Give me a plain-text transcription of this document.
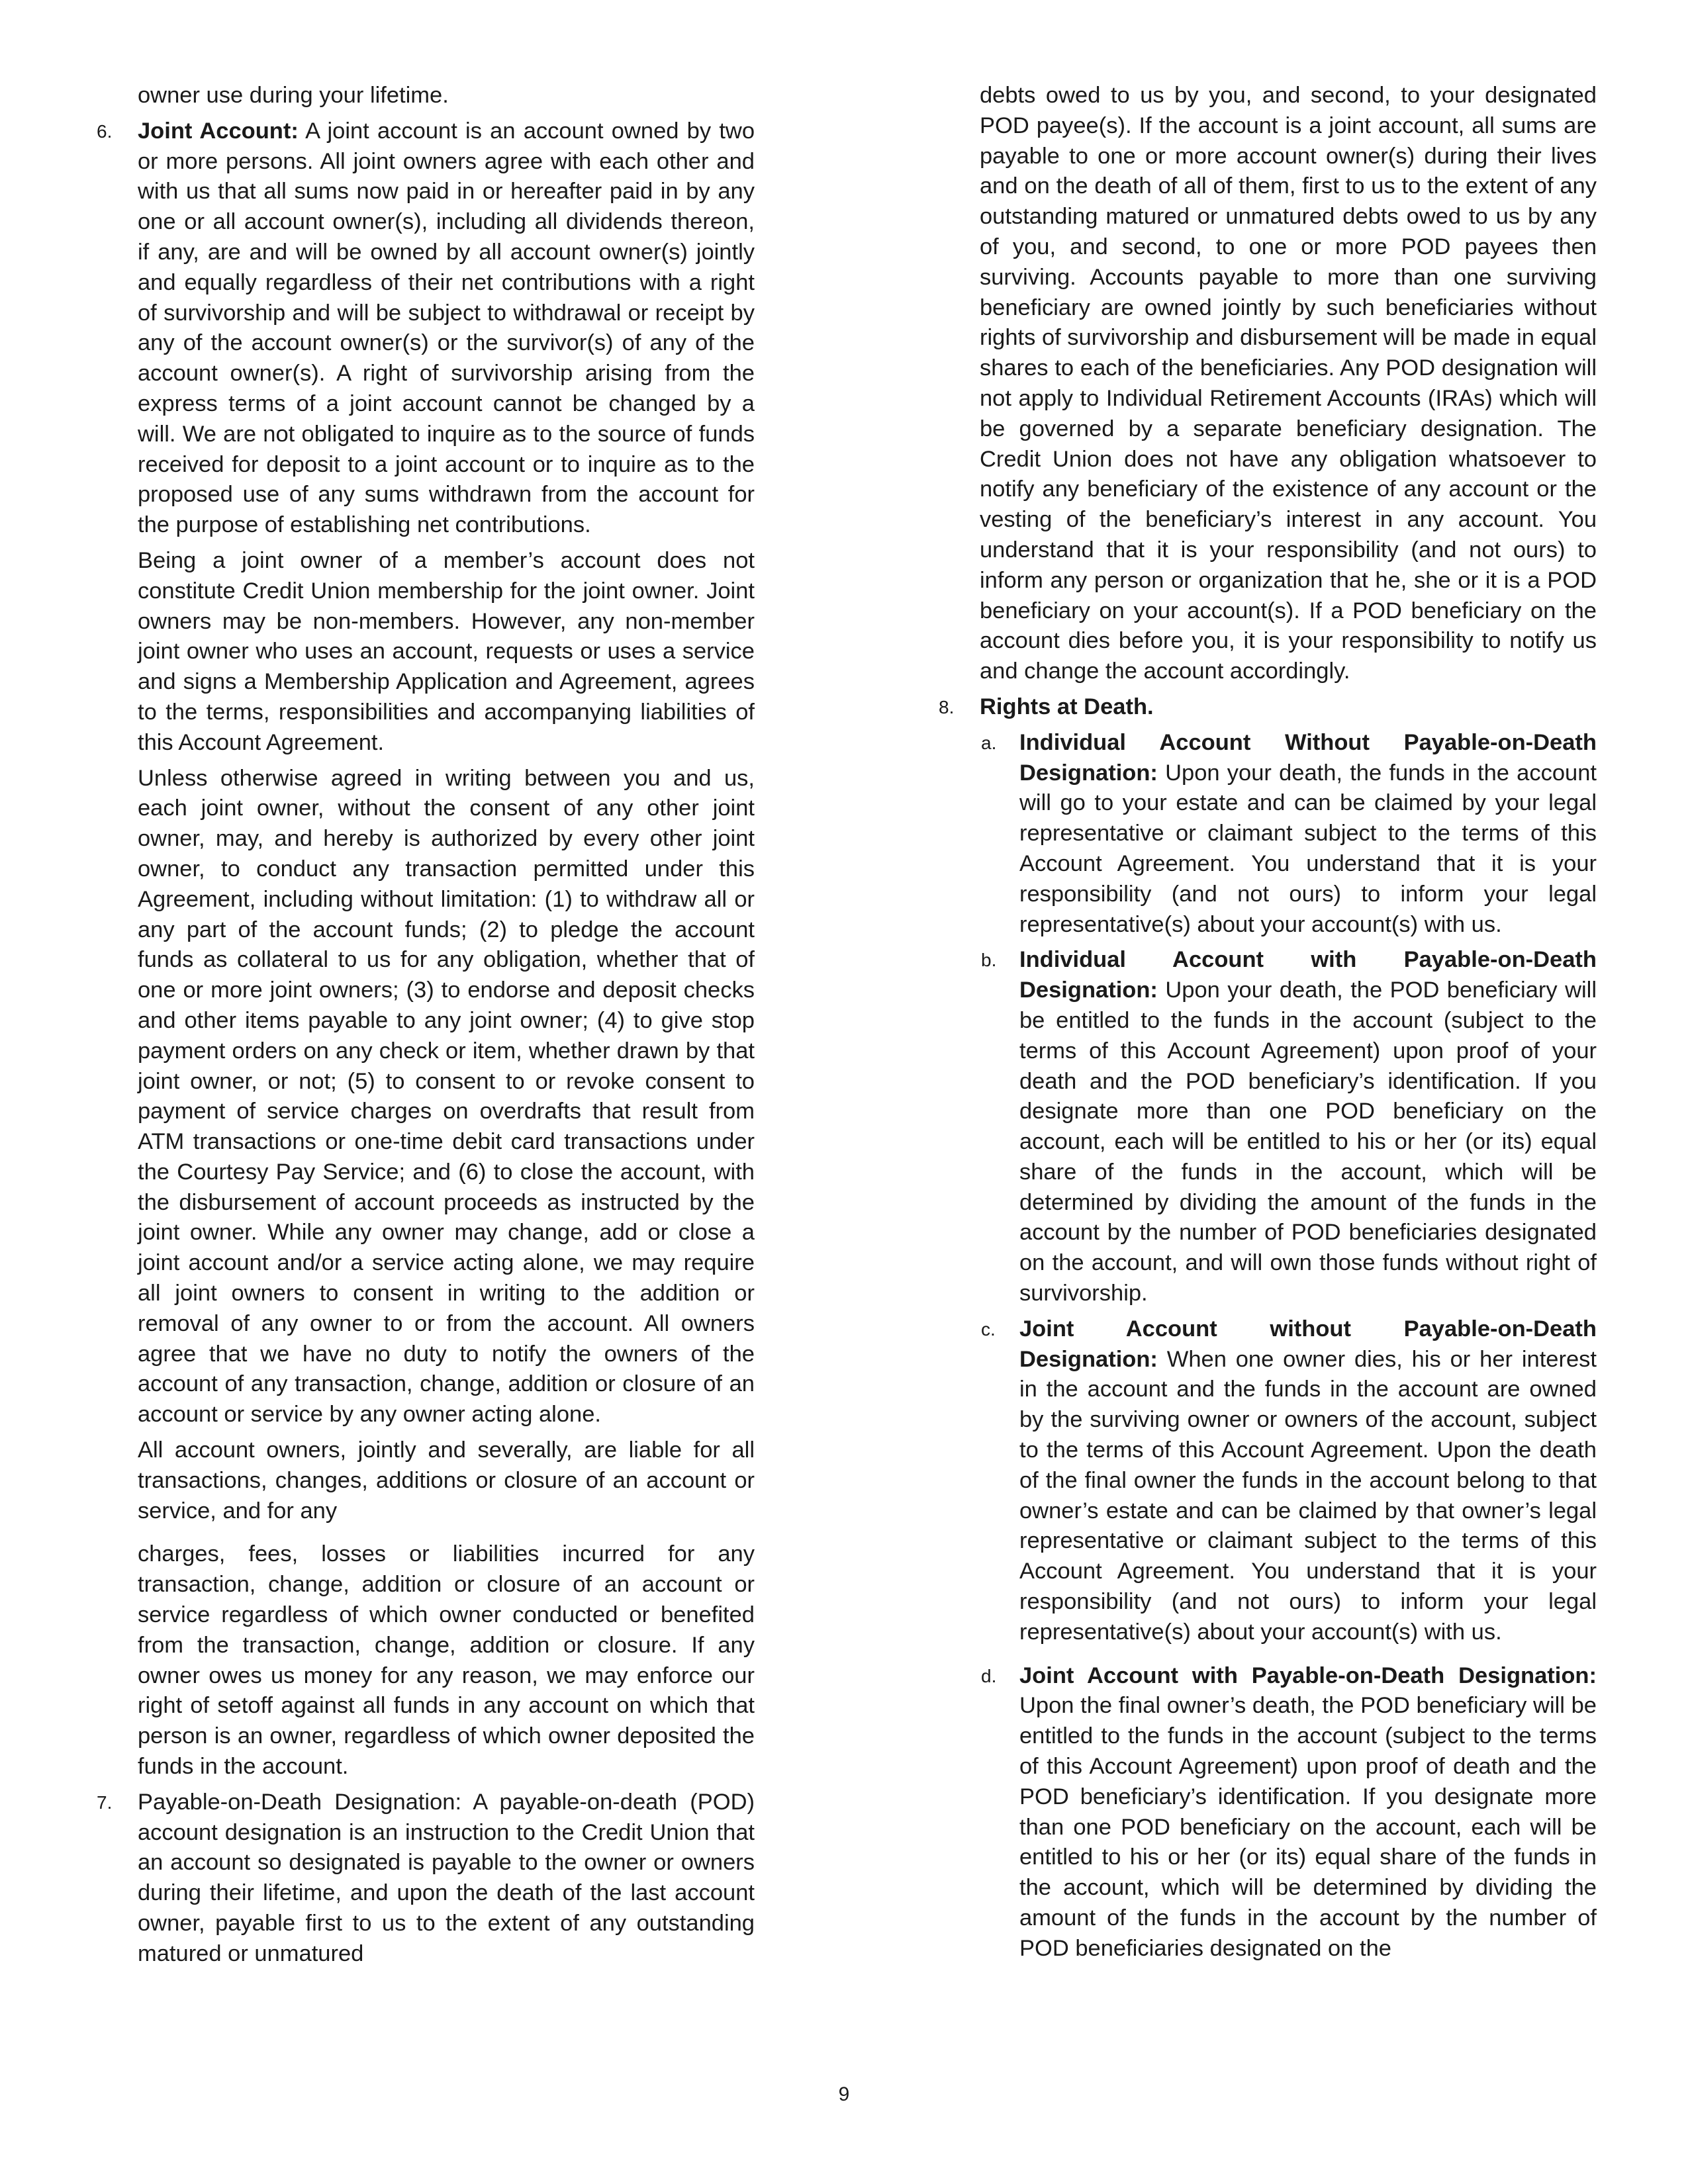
owner use during your lifetime.

6.	Joint Account: A joint account is an account owned by two or more persons. All joint owners agree with each other and with us that all sums now paid in or hereafter paid in by any one or all account owner(s), including all dividends thereon, if any, are and will be owned by all account owner(s) jointly and equally regardless of their net contributions with a right of survivorship and will be subject to withdrawal or receipt by any of the account owner(s) or the survivor(s) of any of the account owner(s). A right of survivorship arising from the express terms of a joint account cannot be changed by a will. We are not obligated to inquire as to the source of funds received for deposit to a joint account or to inquire as to the proposed use of any sums withdrawn from the account for the purpose of establishing net contributions.

Being a joint owner of a member’s account does not constitute Credit Union membership for the joint owner. Joint owners may be non-members. However, any non-member joint owner who uses an account, requests or uses a service and signs a Membership Application and Agreement, agrees to the terms, responsibilities and accompanying liabilities of this Account Agreement.

Unless otherwise agreed in writing between you and us, each joint owner, without the consent of any other joint owner, may, and hereby is authorized by every other joint owner, to conduct any transaction permitted under this Agreement, including without limitation: (1) to withdraw all or any part of the account funds; (2) to pledge the account funds as collateral to us for any obligation, whether that of one or more joint owners; (3) to endorse and deposit checks and other items payable to any joint owner; (4) to give stop payment orders on any check or item, whether drawn by that joint owner, or not; (5) to consent to or revoke consent to payment of service charges on overdrafts that result from ATM transactions or one-time debit card transactions under the Courtesy Pay Service; and (6) to close the account, with the disbursement of account proceeds as instructed by the joint owner. While any owner may change, add or close a joint account and/or a service acting alone, we may require all joint owners to consent in writing to the addition or removal of any owner to or from the account. All owners agree that we have no duty to notify the owners of the account of any transaction, change, addition or closure of an account or service by any owner acting alone.

All account owners, jointly and severally, are liable for all transactions, changes, additions or closure of an account or service, and for any

charges, fees, losses or liabilities incurred for any transaction, change, addition or closure of an account or service regardless of which owner conducted or benefited from the transaction, change, addition or closure. If any owner owes us money for any reason, we may enforce our right of setoff against all funds in any account on which that person is an owner, regardless of which owner deposited the funds in the account.

7.	Payable-on-Death Designation: A payable-on-death (POD) account designation is an instruction to the Credit Union that an account so designated is payable to the owner or owners during their lifetime, and upon the death of the last account owner, payable first to us to the extent of any outstanding matured or unmatured

debts owed to us by you, and second, to your designated POD payee(s). If the account is a joint account, all sums are payable to one or more account owner(s) during their lives and on the death of all of them, first to us to the extent of any outstanding matured or unmatured debts owed to us by any of you, and second, to one or more POD payees then surviving. Accounts payable to more than one surviving beneficiary are owned jointly by such beneficiaries without rights of survivorship and disbursement will be made in equal shares to each of the beneficiaries. Any POD designation will not apply to Individual Retirement Accounts (IRAs) which will be governed by a separate beneficiary designation. The Credit Union does not have any obligation whatsoever to notify any beneficiary of the existence of any account or the vesting of the beneficiary’s interest in any account. You understand that it is your responsibility (and not ours) to inform any person or organization that he, she or it is a POD beneficiary on your account(s). If a POD beneficiary on the account dies before you, it is your responsibility to notify us and change the account accordingly.

8.	Rights at Death.

a.	Individual Account Without Payable-on-Death Designation: Upon your death, the funds in the account will go to your estate and can be claimed by your legal representative or claimant subject to the terms of this Account Agreement. You understand that it is your responsibility (and not ours) to inform your legal representative(s) about your account(s) with us.

b.	Individual Account with Payable-on-Death Designation: Upon your death, the POD beneficiary will be entitled to the funds in the account (subject to the terms of this Account Agreement) upon proof of your death and the POD beneficiary’s identification. If you designate more than one POD beneficiary on the account, each will be entitled to his or her (or its) equal share of the funds in the account, which will be determined by dividing the amount of the funds in the account by the number of POD beneficiaries designated on the account, and will own those funds without right of survivorship.

c.	Joint Account without Payable-on-Death Designation: When one owner dies, his or her interest in the account and the funds in the account are owned by the surviving owner or owners of the account, subject to the terms of this Account Agreement. Upon the death of the final owner the funds in the account belong to that owner’s estate and can be claimed by that owner’s legal representative or claimant subject to the terms of this Account Agreement. You understand that it is your responsibility (and not ours) to inform your legal representative(s) about your account(s) with us.

d.	Joint Account with Payable-on-Death Designation: Upon the final owner’s death, the POD beneficiary will be entitled to the funds in the account (subject to the terms of this Account Agreement) upon proof of death and the POD beneficiary’s identification. If you designate more than one POD beneficiary on the account, each will be entitled to his or her (or its) equal share of the funds in the account, which will be determined by dividing the amount of the funds in the account by the number of POD beneficiaries designated on the

9
